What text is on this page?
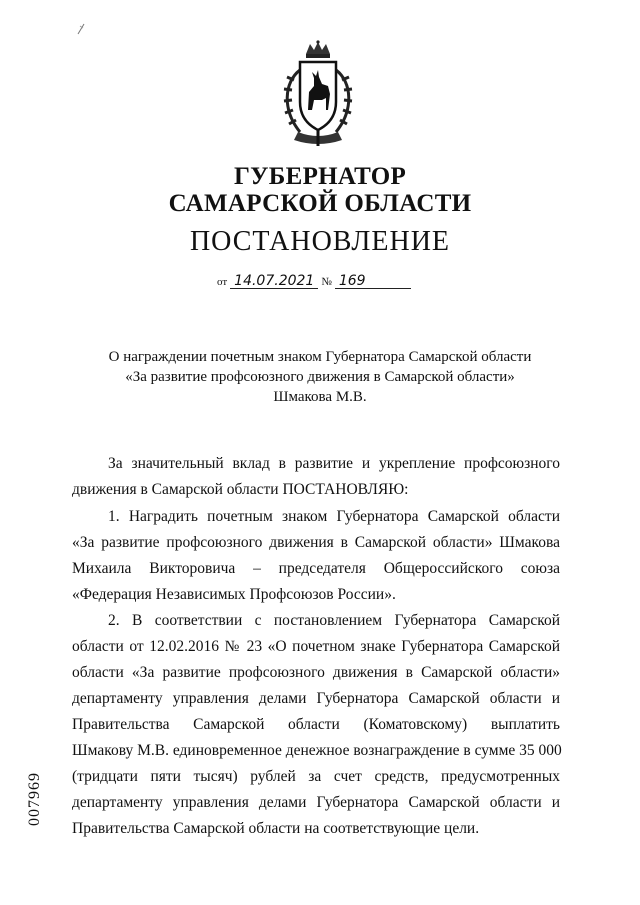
ГУБЕРНАТОР
САМАРСКОЙ ОБЛАСТИ
ПОСТАНОВЛЕНИЕ
от 14.07.2021 № 169
О награждении почетным знаком Губернатора Самарской области
«За развитие профсоюзного движения в Самарской области»
Шмакова М.В.
За значительный вклад в развитие и укрепление профсоюзного
движения в Самарской области ПОСТАНОВЛЯЮ:
1. Наградить почетным знаком Губернатора Самарской области
«За развитие профсоюзного движения в Самарской области» Шмакова
Михаила Викторовича – председателя Общероссийского союза
«Федерация Независимых Профсоюзов России».
2. В соответствии с постановлением Губернатора Самарской
области от 12.02.2016 № 23 «О почетном знаке Губернатора Самарской
области «За развитие профсоюзного движения в Самарской области»
департаменту управления делами Губернатора Самарской области и
Правительства Самарской области (Коматовскому) выплатить
Шмакову М.В. единовременное денежное вознаграждение в сумме 35 000
(тридцати пяти тысяч) рублей за счет средств, предусмотренных
департаменту управления делами Губернатора Самарской области и
Правительства Самарской области на соответствующие цели.
007969
